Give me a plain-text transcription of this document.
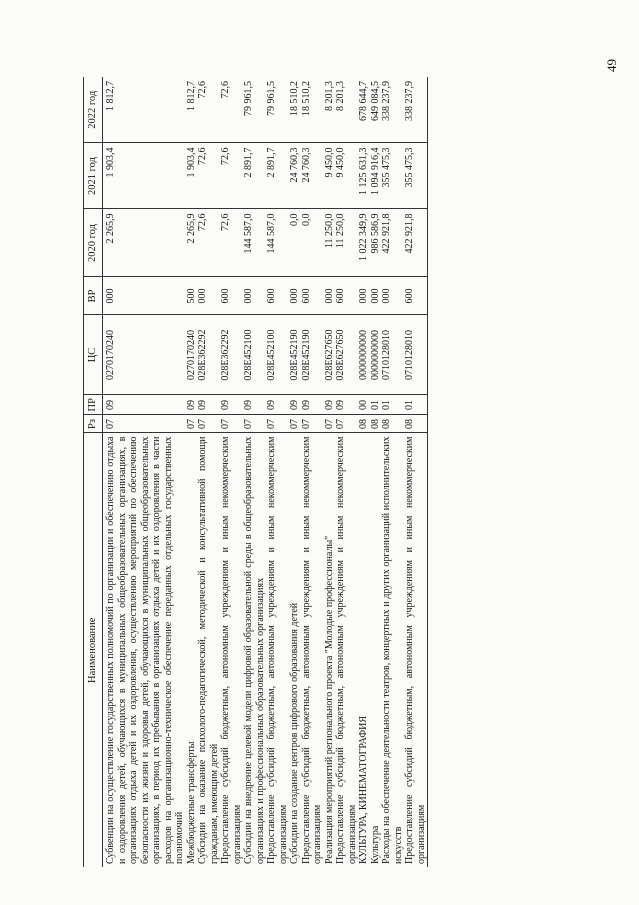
49
Наименование	Рз	ПР	ЦС	ВР	2020 год	2021 год	2022 год
Субвенции на осуществление государственных полномочий по организации и обеспечению отдыха и оздоровления детей, обучающихся в муниципальных общеобразовательных организациях, в организациях отдыха детей и их оздоровления, осуществлению мероприятий по обеспечению безопасности их жизни и здоровья детей, обучающихся в муниципальных общеобразовательных организациях, в период их пребывания в организациях отдыха детей и их оздоровления в части расходов на организационно-техническое обеспечение переданных отдельных государственных полномочий	07	09	0270170240	000	2 265,9	1 903,4	1 812,7
Межбюджетные трансферты	07	09	0270170240	500	2 265,9	1 903,4	1 812,7
Субсидии на оказание психолого-педагогической, методической и консультативной помощи гражданам, имеющим детей	07	09	028E362292	000	72,6	72,6	72,6
Предоставление субсидий бюджетным, автономным учреждениям и иным некоммерческим организациям	07	09	028E362292	600	72,6	72,6	72,6
Субсидии на внедрение целевой модели цифровой образовательной среды в общеобразовательных организациях и профессиональных образовательных организациях	07	09	028E452100	000	144 587,0	2 891,7	79 961,5
Предоставление субсидий бюджетным, автономным учреждениям и иным некоммерческим организациям	07	09	028E452100	600	144 587,0	2 891,7	79 961,5
Субсидии на создание центров цифрового образования детей	07	09	028E452190	000	0,0	24 760,3	18 510,2
Предоставление субсидий бюджетным, автономным учреждениям и иным некоммерческим организациям	07	09	028E452190	600	0,0	24 760,3	18 510,2
Реализация мероприятий регионального проекта "Молодые профессионалы"	07	09	028E627650	000	11 250,0	9 450,0	8 201,3
Предоставление субсидий бюджетным, автономным учреждениям и иным некоммерческим организациям	07	09	028E627650	600	11 250,0	9 450,0	8 201,3
КУЛЬТУРА, КИНЕМАТОГРАФИЯ	08	00	0000000000	000	1 022 349,9	1 125 631,3	678 644,7
Культура	08	01	0000000000	000	986 586,9	1 094 916,4	649 084,5
Расходы на обеспечение деятельности театров, концертных и других организаций исполнительских искусств	08	01	0710128010	000	422 921,8	355 475,3	338 237,9
Предоставление субсидий бюджетным, автономным учреждениям и иным некоммерческим организациям	08	01	0710128010	600	422 921,8	355 475,3	338 237,9
